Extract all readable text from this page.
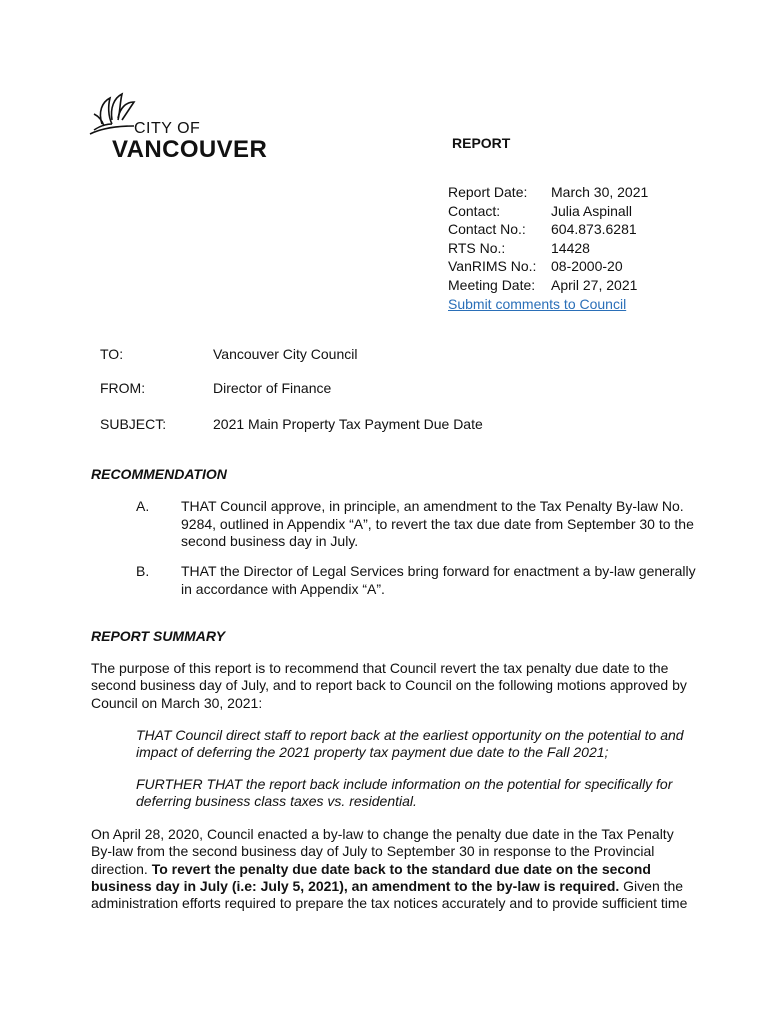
CITY OF
VANCOUVER	REPORT
Report Date:	March 30, 2021
Contact:	Julia Aspinall
Contact No.:	604.873.6281
RTS No.:	14428
VanRIMS No.:	08-2000-20
Meeting Date:	April 27, 2021
Submit comments to Council
TO:	Vancouver City Council
FROM:	Director of Finance
SUBJECT:	2021 Main Property Tax Payment Due Date
RECOMMENDATION
A.	THAT Council approve, in principle, an amendment to the Tax Penalty By-law No. 9284, outlined in Appendix “A”, to revert the tax due date from September 30 to the second business day in July.
B.	THAT the Director of Legal Services bring forward for enactment a by-law generally in accordance with Appendix “A”.
REPORT SUMMARY
The purpose of this report is to recommend that Council revert the tax penalty due date to the second business day of July, and to report back to Council on the following motions approved by Council on March 30, 2021:
THAT Council direct staff to report back at the earliest opportunity on the potential to and impact of deferring the 2021 property tax payment due date to the Fall 2021;
FURTHER THAT the report back include information on the potential for specifically for deferring business class taxes vs. residential.
On April 28, 2020, Council enacted a by-law to change the penalty due date in the Tax Penalty By-law from the second business day of July to September 30 in response to the Provincial direction. To revert the penalty due date back to the standard due date on the second business day in July (i.e: July 5, 2021), an amendment to the by-law is required. Given the administration efforts required to prepare the tax notices accurately and to provide sufficient time
